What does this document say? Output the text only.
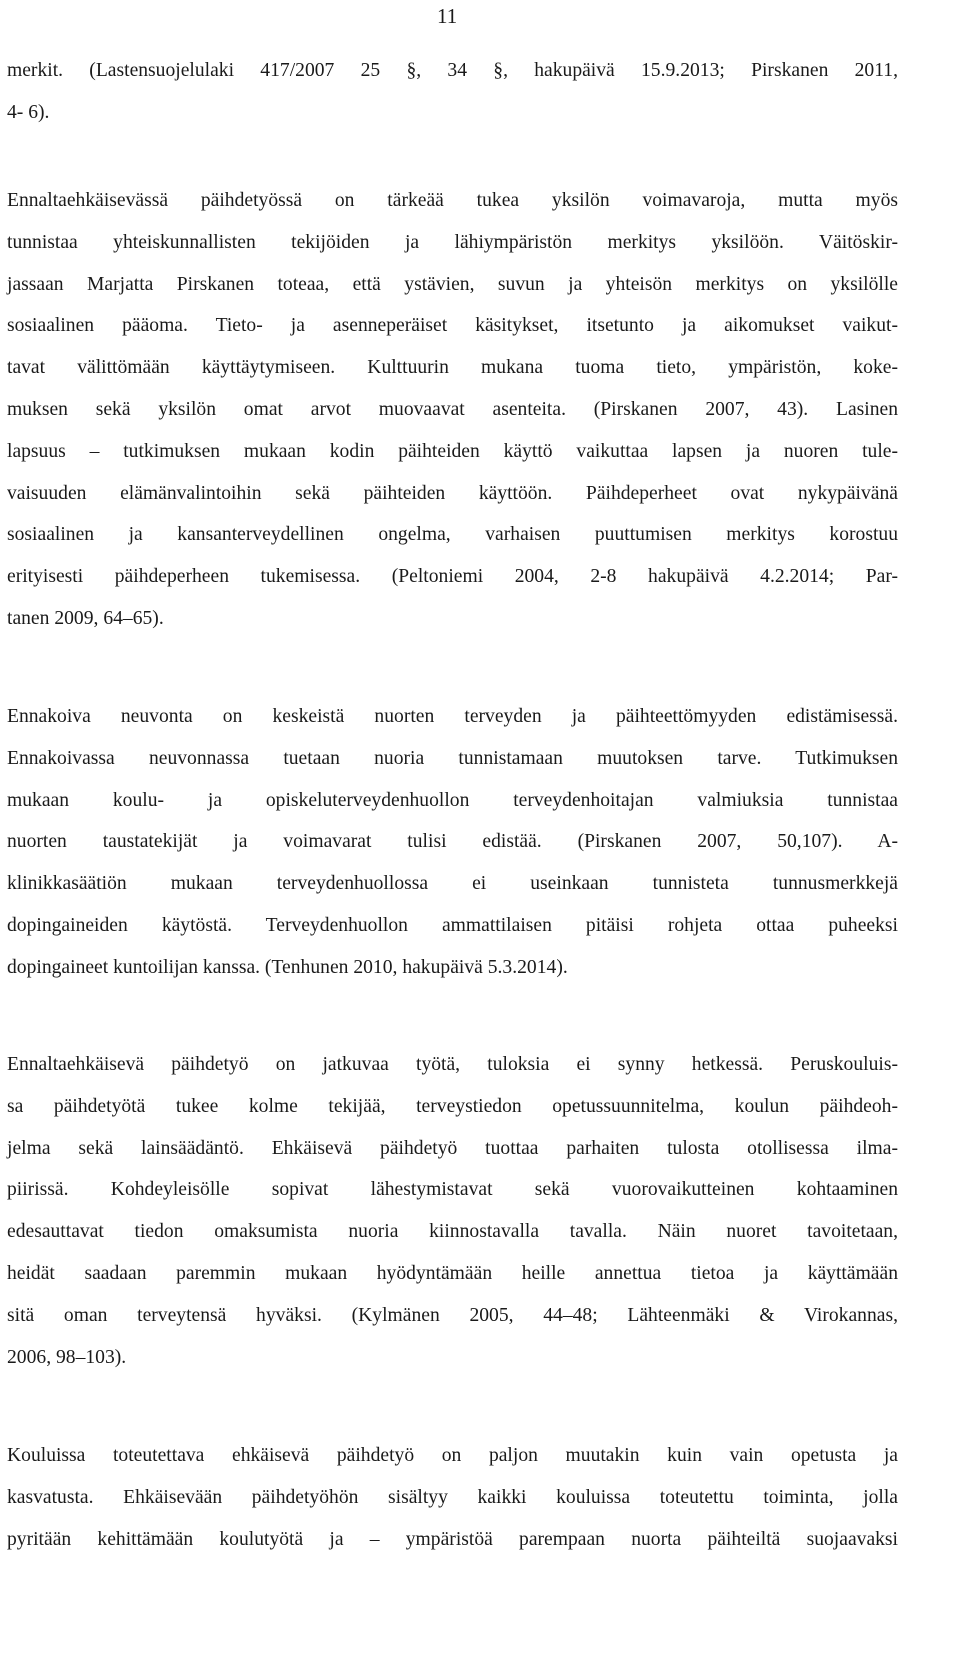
11
merkit. (Lastensuojelulaki 417/2007 25 §, 34 §, hakupäivä 15.9.2013; Pirskanen 2011,
4- 6).
Ennaltaehkäisevässä päihdetyössä on tärkeää tukea yksilön voimavaroja, mutta myös
tunnistaa yhteiskunnallisten tekijöiden ja lähiympäristön merkitys yksilöön. Väitöskir-
jassaan Marjatta Pirskanen toteaa, että ystävien, suvun ja yhteisön merkitys on yksilölle
sosiaalinen pääoma. Tieto- ja asenneperäiset käsitykset, itsetunto ja aikomukset vaikut-
tavat välittömään käyttäytymiseen. Kulttuurin mukana tuoma tieto, ympäristön, koke-
muksen sekä yksilön omat arvot muovaavat asenteita. (Pirskanen 2007, 43). Lasinen
lapsuus – tutkimuksen mukaan kodin päihteiden käyttö vaikuttaa lapsen ja nuoren tule-
vaisuuden elämänvalintoihin sekä päihteiden käyttöön. Päihdeperheet ovat nykypäivänä
sosiaalinen ja kansanterveydellinen ongelma, varhaisen puuttumisen merkitys korostuu
erityisesti päihdeperheen tukemisessa. (Peltoniemi 2004, 2-8 hakupäivä 4.2.2014; Par-
tanen 2009, 64–65).
Ennakoiva neuvonta on keskeistä nuorten terveyden ja päihteettömyyden edistämisessä.
Ennakoivassa neuvonnassa tuetaan nuoria tunnistamaan muutoksen tarve. Tutkimuksen
mukaan koulu- ja opiskeluterveydenhuollon terveydenhoitajan valmiuksia tunnistaa
nuorten taustatekijät ja voimavarat tulisi edistää. (Pirskanen 2007, 50,107). A-
klinikkasäätiön mukaan terveydenhuollossa ei useinkaan tunnisteta tunnusmerkkejä
dopingaineiden käytöstä. Terveydenhuollon ammattilaisen pitäisi rohjeta ottaa puheeksi
dopingaineet kuntoilijan kanssa. (Tenhunen 2010, hakupäivä 5.3.2014).
Ennaltaehkäisevä päihdetyö on jatkuvaa työtä, tuloksia ei synny hetkessä. Peruskouluis-
sa päihdetyötä tukee kolme tekijää, terveystiedon opetussuunnitelma, koulun päihdeoh-
jelma sekä lainsäädäntö. Ehkäisevä päihdetyö tuottaa parhaiten tulosta otollisessa ilma-
piirissä. Kohdeyleisölle sopivat lähestymistavat sekä vuorovaikutteinen kohtaaminen
edesauttavat tiedon omaksumista nuoria kiinnostavalla tavalla. Näin nuoret tavoitetaan,
heidät saadaan paremmin mukaan hyödyntämään heille annettua tietoa ja käyttämään
sitä oman terveytensä hyväksi. (Kylmänen 2005, 44–48; Lähteenmäki & Virokannas,
2006, 98–103).
Kouluissa toteutettava ehkäisevä päihdetyö on paljon muutakin kuin vain opetusta ja
kasvatusta. Ehkäisevään päihdetyöhön sisältyy kaikki kouluissa toteutettu toiminta, jolla
pyritään kehittämään koulutyötä ja – ympäristöä parempaan nuorta päihteiltä suojaavaksi
